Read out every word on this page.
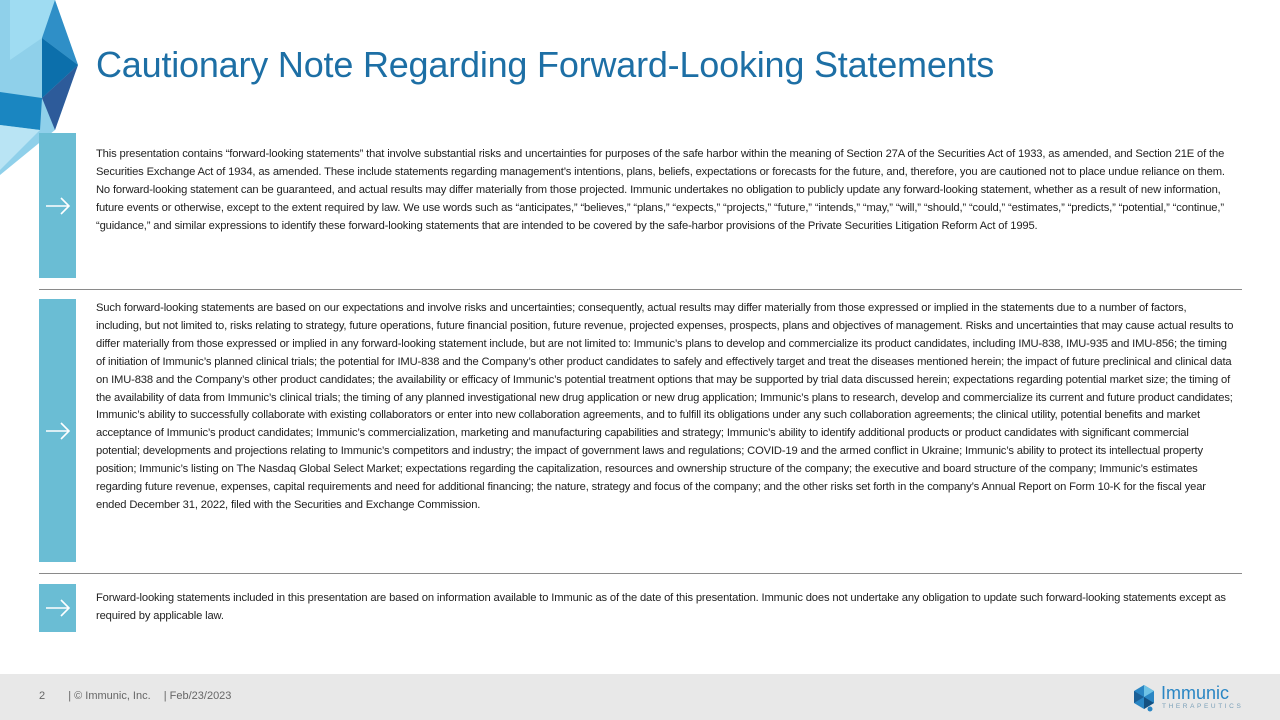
Cautionary Note Regarding Forward-Looking Statements

This presentation contains “forward-looking statements” that involve substantial risks and uncertainties for purposes of the safe harbor within the meaning of Section 27A of the Securities Act of 1933, as amended, and Section 21E of the Securities Exchange Act of 1934, as amended. These include statements regarding management’s intentions, plans, beliefs, expectations or forecasts for the future, and, therefore, you are cautioned not to place undue reliance on them. No forward-looking statement can be guaranteed, and actual results may differ materially from those projected. Immunic undertakes no obligation to publicly update any forward-looking statement, whether as a result of new information, future events or otherwise, except to the extent required by law. We use words such as “anticipates,” “believes,” “plans,” “expects,” “projects,” “future,” “intends,” “may,” “will,” “should,” “could,” “estimates,” “predicts,” “potential,” “continue,” “guidance,” and similar expressions to identify these forward-looking statements that are intended to be covered by the safe-harbor provisions of the Private Securities Litigation Reform Act of 1995.

Such forward-looking statements are based on our expectations and involve risks and uncertainties; consequently, actual results may differ materially from those expressed or implied in the statements due to a number of factors, including, but not limited to, risks relating to strategy, future operations, future financial position, future revenue, projected expenses, prospects, plans and objectives of management. Risks and uncertainties that may cause actual results to differ materially from those expressed or implied in any forward-looking statement include, but are not limited to: Immunic’s plans to develop and commercialize its product candidates, including IMU-838, IMU-935 and IMU-856; the timing of initiation of Immunic’s planned clinical trials; the potential for IMU-838 and the Company’s other product candidates to safely and effectively target and treat the diseases mentioned herein; the impact of future preclinical and clinical data on IMU-838 and the Company’s other product candidates; the availability or efficacy of Immunic’s potential treatment options that may be supported by trial data discussed herein; expectations regarding potential market size; the timing of the availability of data from Immunic’s clinical trials; the timing of any planned investigational new drug application or new drug application; Immunic’s plans to research, develop and commercialize its current and future product candidates; Immunic’s ability to successfully collaborate with existing collaborators or enter into new collaboration agreements, and to fulfill its obligations under any such collaboration agreements; the clinical utility, potential benefits and market acceptance of Immunic’s product candidates; Immunic’s commercialization, marketing and manufacturing capabilities and strategy; Immunic’s ability to identify additional products or product candidates with significant commercial potential; developments and projections relating to Immunic’s competitors and industry; the impact of government laws and regulations; COVID-19 and the armed conflict in Ukraine; Immunic’s ability to protect its intellectual property position; Immunic’s listing on The Nasdaq Global Select Market; expectations regarding the capitalization, resources and ownership structure of the company; the executive and board structure of the company; Immunic’s estimates regarding future revenue, expenses, capital requirements and need for additional financing; the nature, strategy and focus of the company; and the other risks set forth in the company’s Annual Report on Form 10-K for the fiscal year ended December 31, 2022, filed with the Securities and Exchange Commission.

Forward-looking statements included in this presentation are based on information available to Immunic as of the date of this presentation. Immunic does not undertake any obligation to update such forward-looking statements except as required by applicable law.

2 | © Immunic, Inc. | Feb/23/2023	Immunic
THERAPEUTICS
